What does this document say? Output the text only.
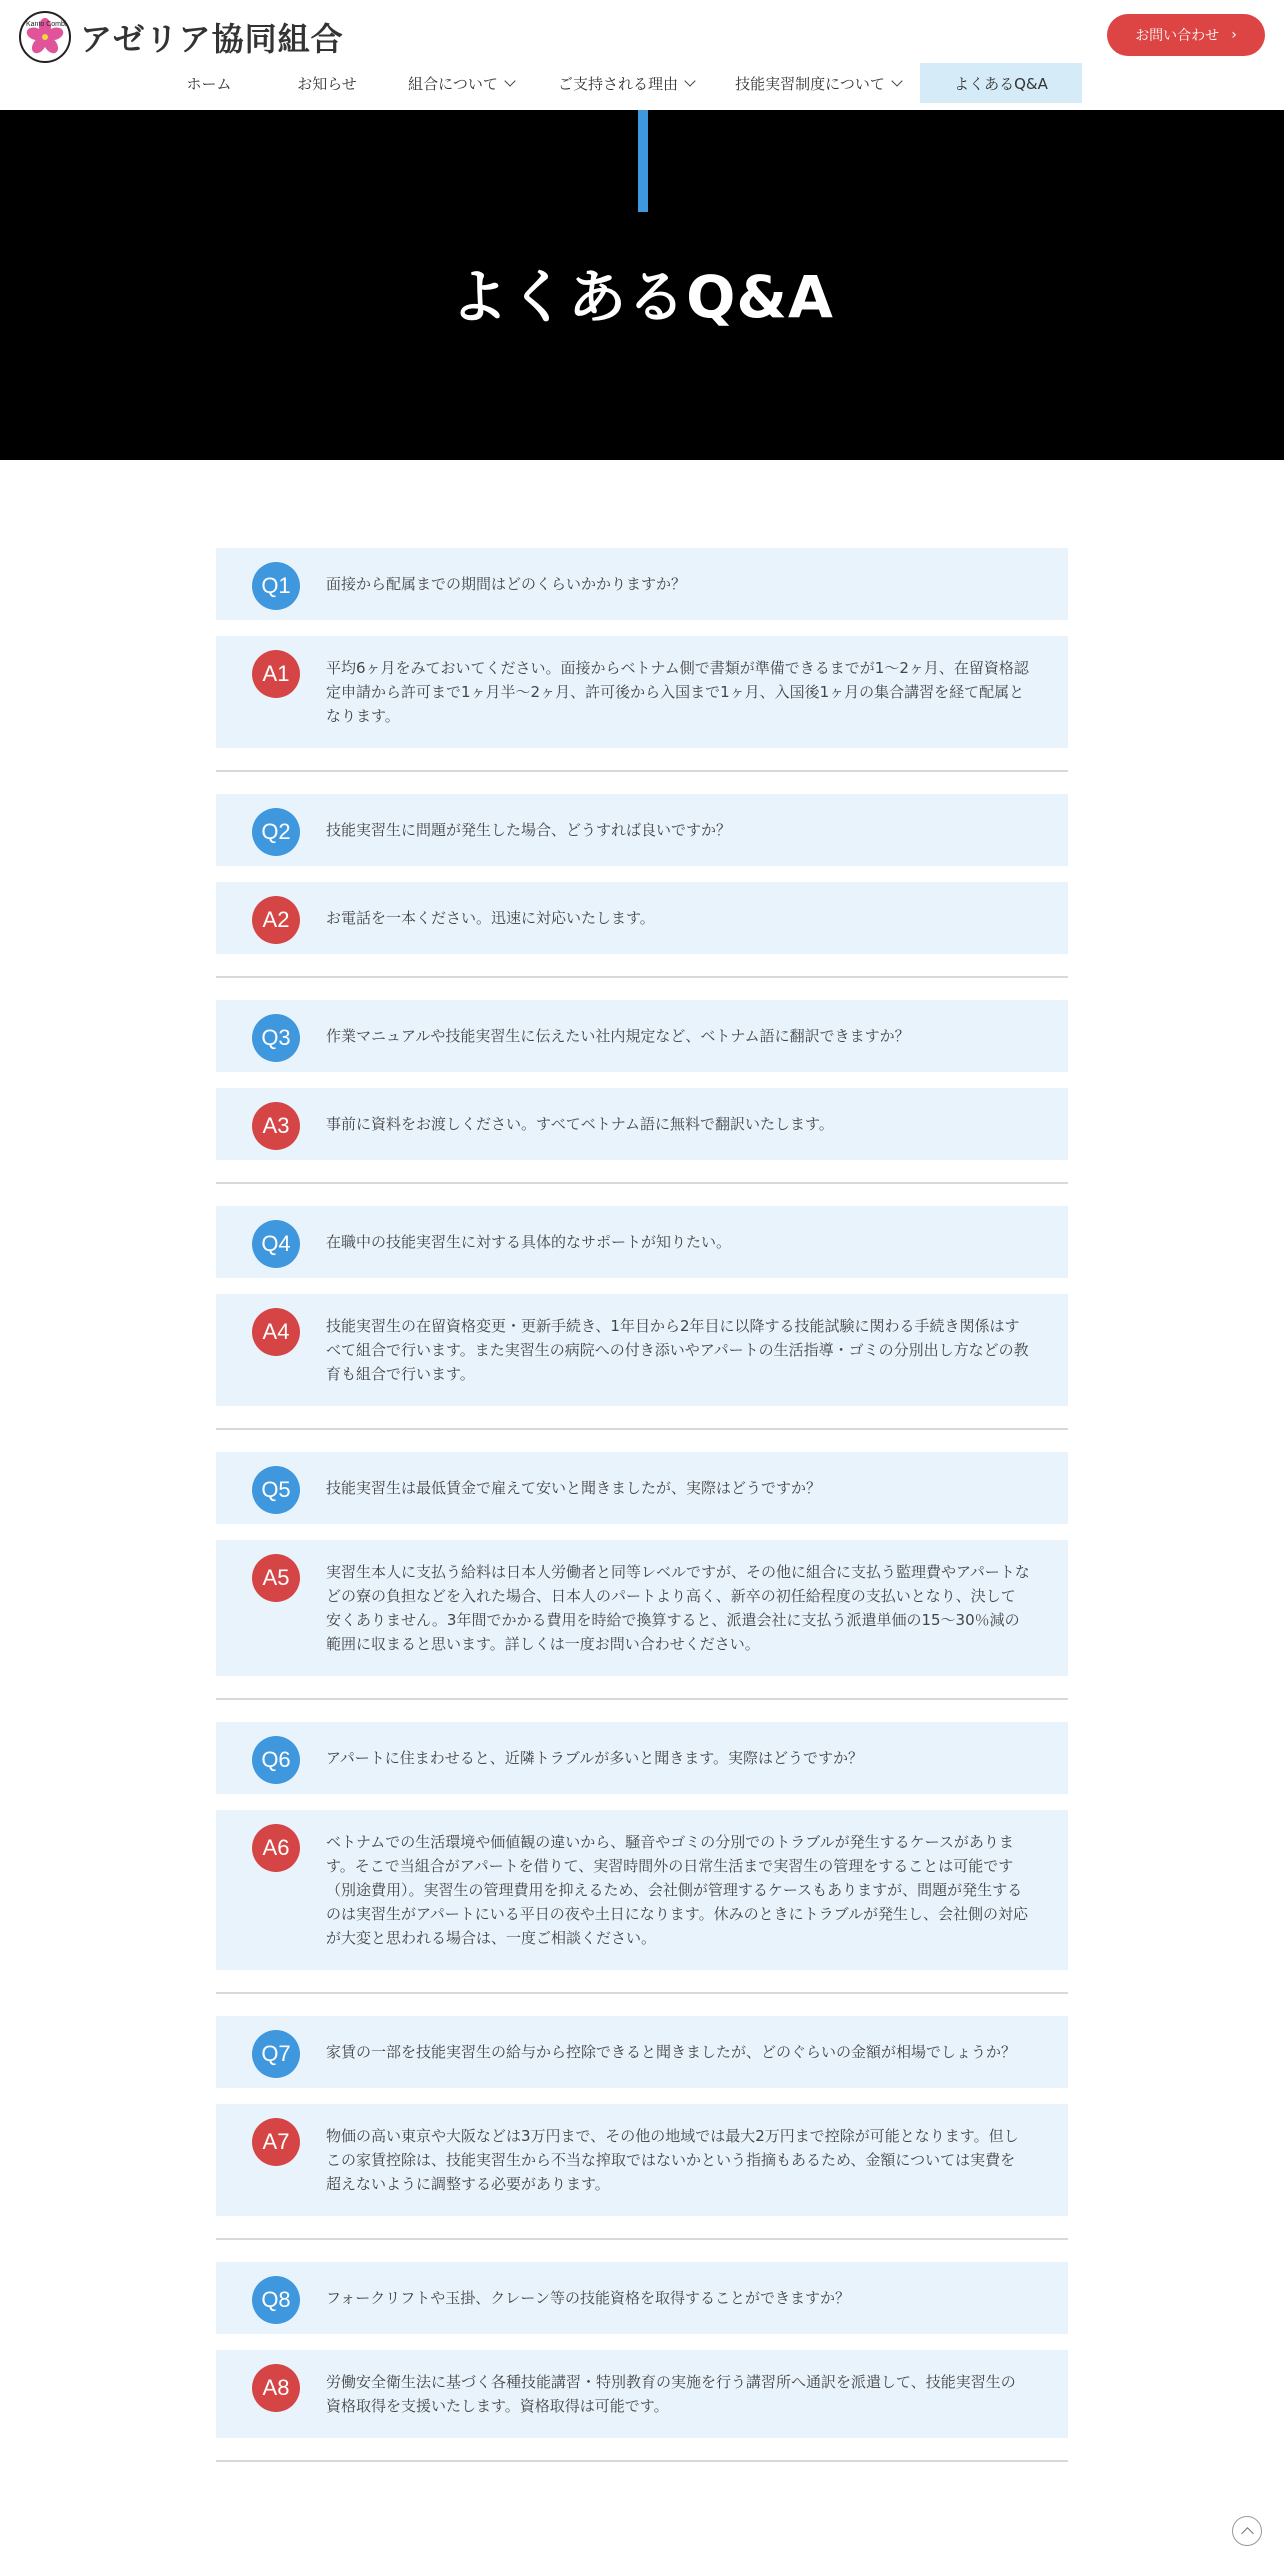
Kanto Combi アゼリア協同組合	お問い合わせ ›
ホーム	お知らせ	組合について	ご支持される理由	技能実習制度について	よくあるQ&A
よくあるQ&A
Q1	面接から配属までの期間はどのくらいかかりますか？

A1	平均6ヶ月をみておいてください。面接からベトナム側で書類が準備できるまでが1～2ヶ月、在留資格認定申請から許可まで1ヶ月半～2ヶ月、許可後から入国まで1ヶ月、入国後1ヶ月の集合講習を経て配属となります。

Q2	技能実習生に問題が発生した場合、どうすれば良いですか？

A2	お電話を一本ください。迅速に対応いたします。

Q3	作業マニュアルや技能実習生に伝えたい社内規定など、ベトナム語に翻訳できますか？

A3	事前に資料をお渡しください。すべてベトナム語に無料で翻訳いたします。

Q4	在職中の技能実習生に対する具体的なサポートが知りたい。

A4	技能実習生の在留資格変更・更新手続き、1年目から2年目に以降する技能試験に関わる手続き関係はすべて組合で行います。また実習生の病院への付き添いやアパートの生活指導・ゴミの分別出し方などの教育も組合で行います。

Q5	技能実習生は最低賃金で雇えて安いと聞きましたが、実際はどうですか？

A5	実習生本人に支払う給料は日本人労働者と同等レベルですが、その他に組合に支払う監理費やアパートなどの寮の負担などを入れた場合、日本人のパートより高く、新卒の初任給程度の支払いとなり、決して安くありません。3年間でかかる費用を時給で換算すると、派遣会社に支払う派遣単価の15～30％減の範囲に収まると思います。詳しくは一度お問い合わせください。

Q6	アパートに住まわせると、近隣トラブルが多いと聞きます。実際はどうですか？

A6	ベトナムでの生活環境や価値観の違いから、騒音やゴミの分別でのトラブルが発生するケースがあります。そこで当組合がアパートを借りて、実習時間外の日常生活まで実習生の管理をすることは可能です（別途費用）。実習生の管理費用を抑えるため、会社側が管理するケースもありますが、問題が発生するのは実習生がアパートにいる平日の夜や土日になります。休みのときにトラブルが発生し、会社側の対応が大変と思われる場合は、一度ご相談ください。

Q7	家賃の一部を技能実習生の給与から控除できると聞きましたが、どのぐらいの金額が相場でしょうか？

A7	物価の高い東京や大阪などは3万円まで、その他の地域では最大2万円まで控除が可能となります。但しこの家賃控除は、技能実習生から不当な搾取ではないかという指摘もあるため、金額については実費を超えないように調整する必要があります。

Q8	フォークリフトや玉掛、クレーン等の技能資格を取得することができますか？

A8	労働安全衛生法に基づく各種技能講習・特別教育の実施を行う講習所へ通訳を派遣して、技能実習生の資格取得を支援いたします。資格取得は可能です。
